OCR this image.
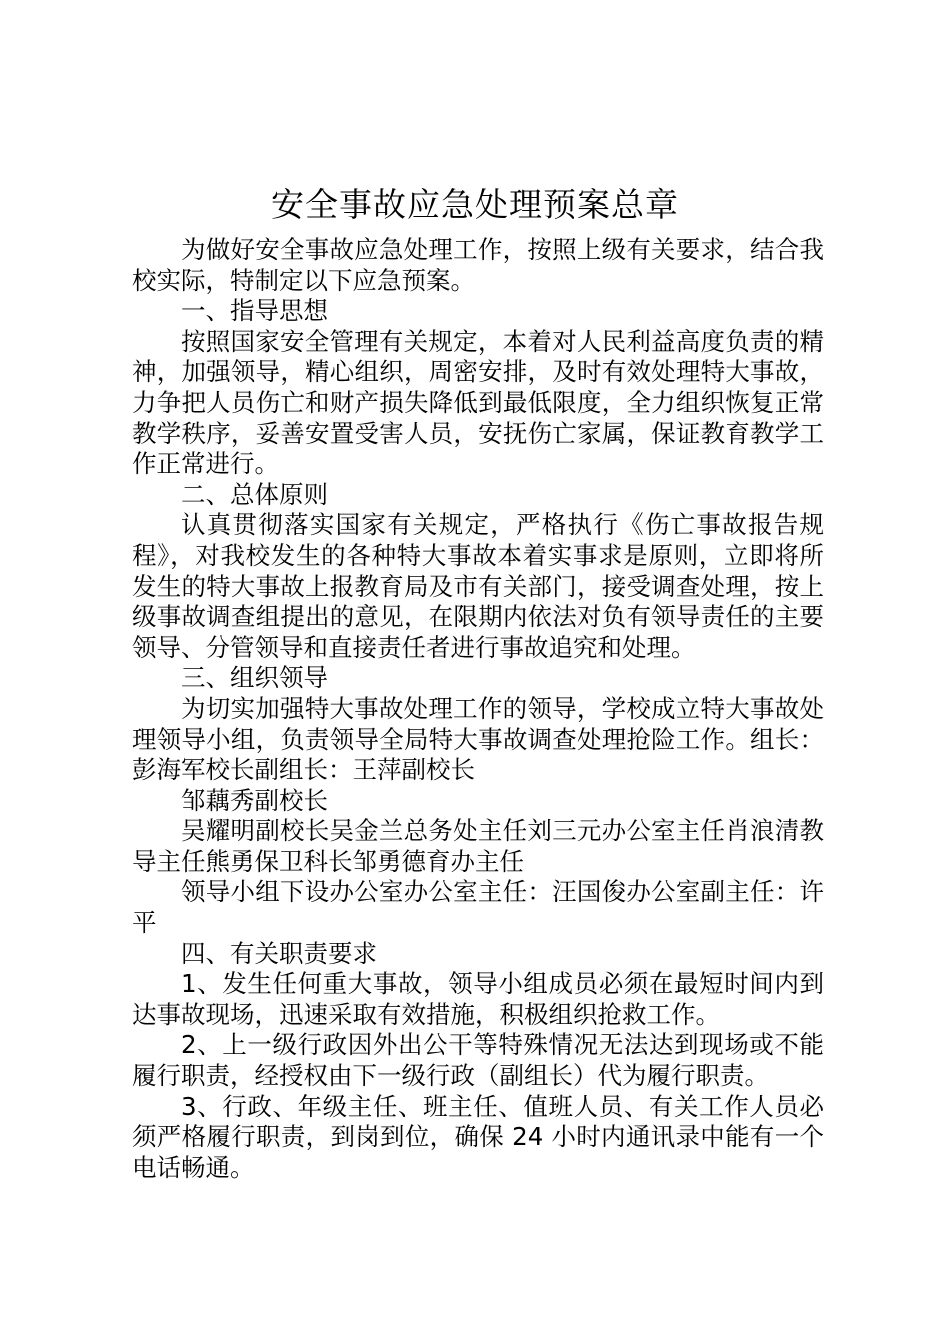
安全事故应急处理预案总章

为做好安全事故应急处理工作，按照上级有关要求，结合我校实际，特制定以下应急预案。

一、指导思想

按照国家安全管理有关规定，本着对人民利益高度负责的精神，加强领导，精心组织，周密安排，及时有效处理特大事故，力争把人员伤亡和财产损失降低到最低限度，全力组织恢复正常教学秩序，妥善安置受害人员，安抚伤亡家属，保证教育教学工作正常进行。

二、总体原则

认真贯彻落实国家有关规定，严格执行《伤亡事故报告规程》，对我校发生的各种特大事故本着实事求是原则，立即将所发生的特大事故上报教育局及市有关部门，接受调查处理，按上级事故调查组提出的意见，在限期内依法对负有领导责任的主要领导、分管领导和直接责任者进行事故追究和处理。

三、组织领导

为切实加强特大事故处理工作的领导，学校成立特大事故处理领导小组，负责领导全局特大事故调查处理抢险工作。组长：彭海军校长副组长：王萍副校长

邹藕秀副校长

吴耀明副校长吴金兰总务处主任刘三元办公室主任肖浪清教导主任熊勇保卫科长邹勇德育办主任

领导小组下设办公室办公室主任：汪国俊办公室副主任：许平

四、有关职责要求

1、发生任何重大事故，领导小组成员必须在最短时间内到达事故现场，迅速采取有效措施，积极组织抢救工作。

2、上一级行政因外出公干等特殊情况无法达到现场或不能履行职责，经授权由下一级行政（副组长）代为履行职责。

3、行政、年级主任、班主任、值班人员、有关工作人员必须严格履行职责，到岗到位，确保 24 小时内通讯录中能有一个电话畅通。
